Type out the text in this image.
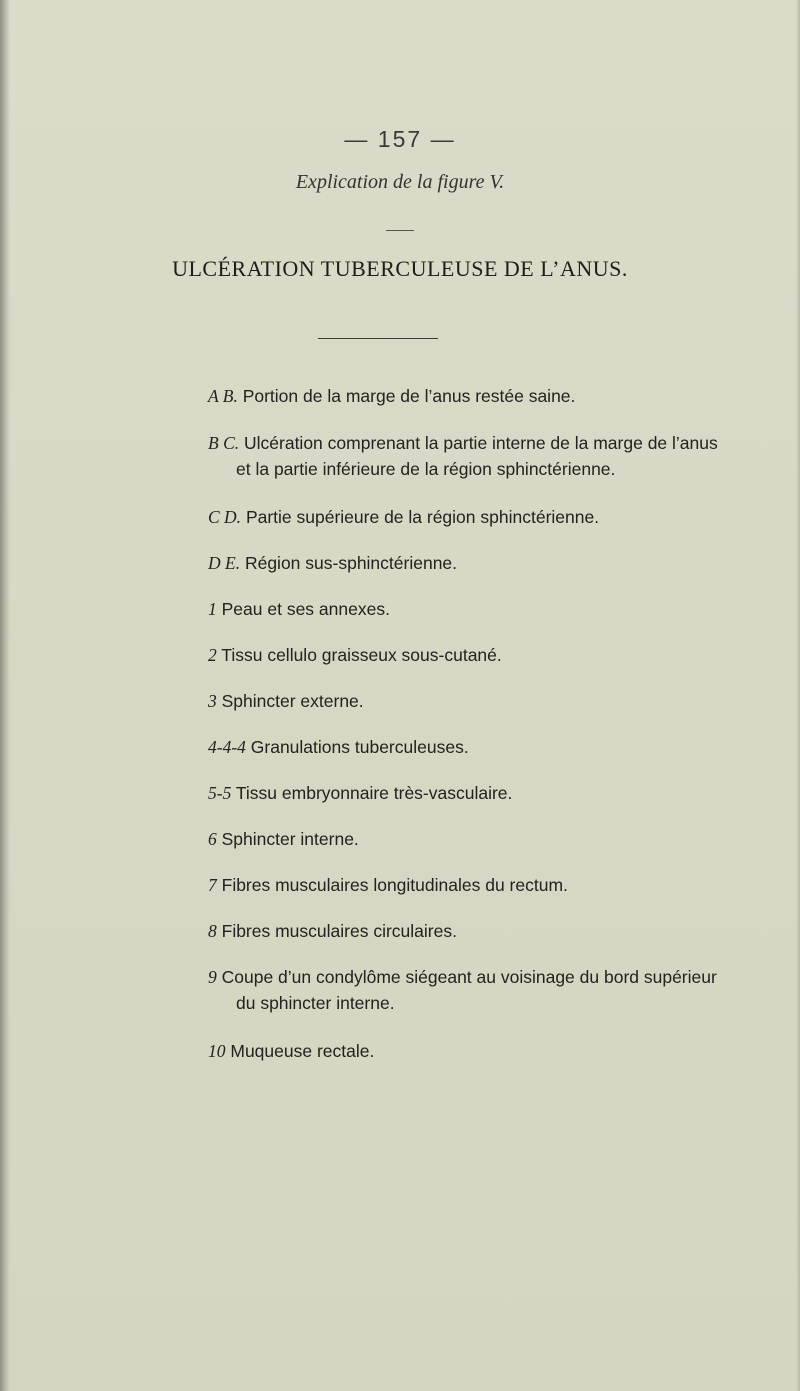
— 157 —
Explication de la figure V.
ULCÉRATION TUBERCULEUSE DE L’ANUS.
A B. Portion de la marge de l’anus restée saine.
B C. Ulcération comprenant la partie interne de la marge de l’anus
et la partie inférieure de la région sphinctérienne.
C D. Partie supérieure de la région sphinctérienne.
D E. Région sus-sphinctérienne.
1 Peau et ses annexes.
2 Tissu cellulo graisseux sous-cutané.
3 Sphincter externe.
4-4-4 Granulations tuberculeuses.
5-5 Tissu embryonnaire très-vasculaire.
6 Sphincter interne.
7 Fibres musculaires longitudinales du rectum.
8 Fibres musculaires circulaires.
9 Coupe d’un condylôme siégeant au voisinage du bord supérieur
du sphincter interne.
10 Muqueuse rectale.
